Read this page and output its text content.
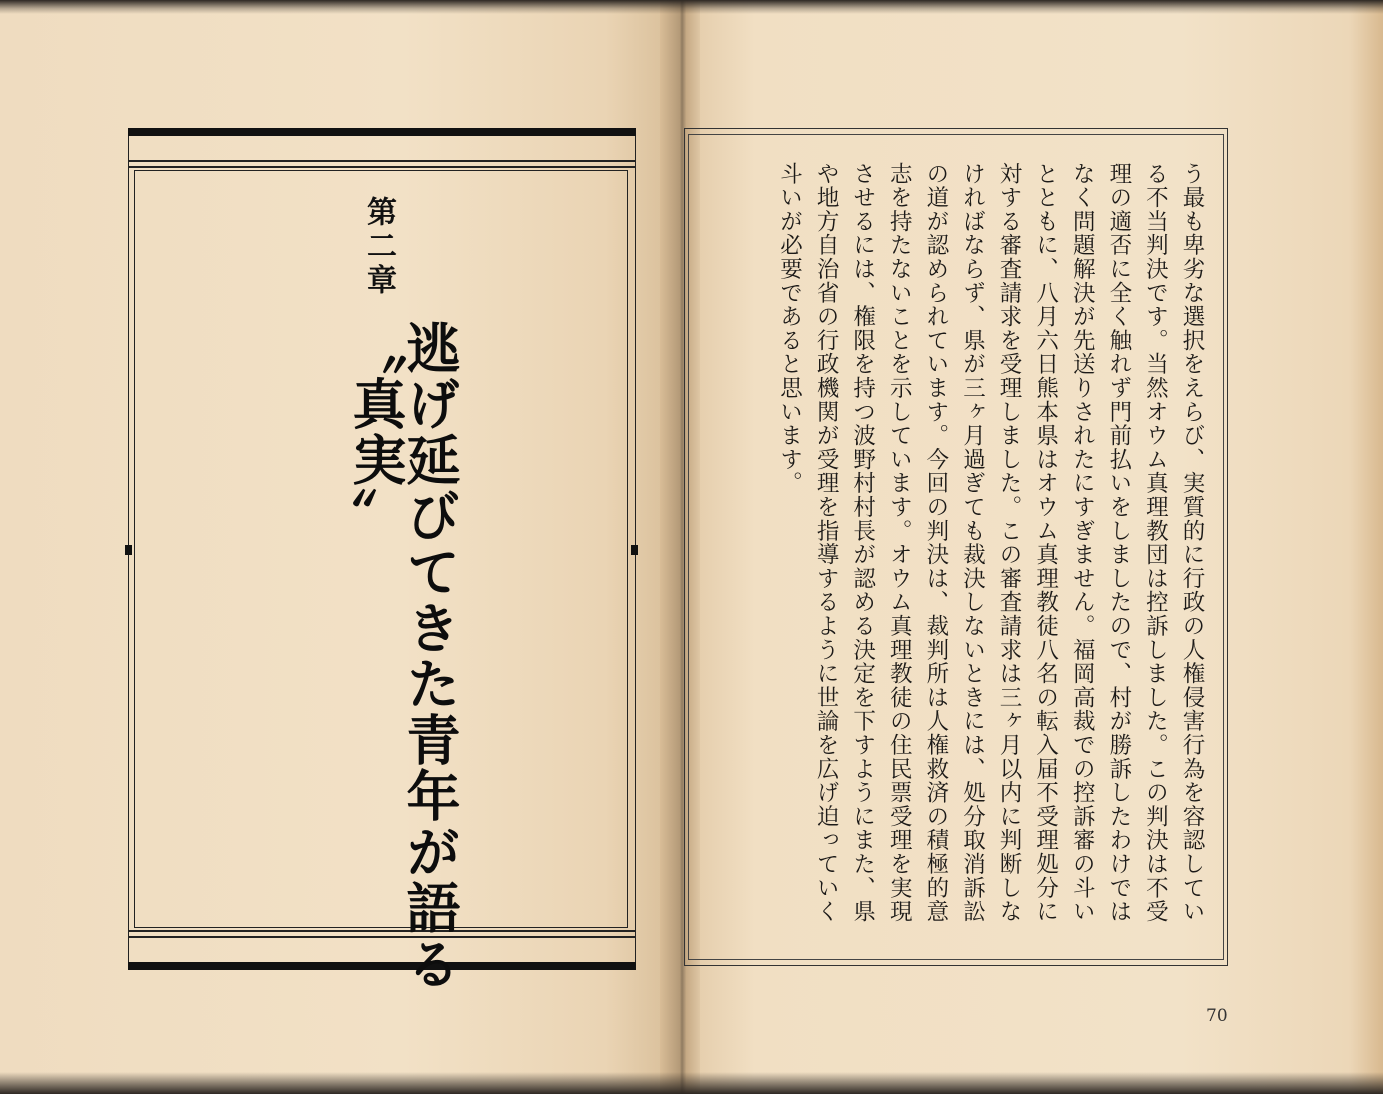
第二章
逃げ延びてきた青年が語る〝真実〟	う最も卑劣な選択をえらび、実質的に行政の人権侵害行為を容認している不当判決です。当然オウム真理教団は控訴しました。この判決は不受理の適否に全く触れず門前払いをしましたので、村が勝訴したわけではなく問題解決が先送りされたにすぎません。福岡高裁での控訴審の斗いとともに、八月六日熊本県はオウム真理教徒八名の転入届不受理処分に対する審査請求を受理しました。この審査請求は三ヶ月以内に判断しなければならず、県が三ヶ月過ぎても裁決しないときには、処分取消訴訟の道が認められています。今回の判決は、裁判所は人権救済の積極的意志を持たないことを示しています。オウム真理教徒の住民票受理を実現させるには、権限を持つ波野村村長が認める決定を下すようにまた、県や地方自治省の行政機関が受理を指導するように世論を広げ迫っていく斗いが必要であると思います。

70
